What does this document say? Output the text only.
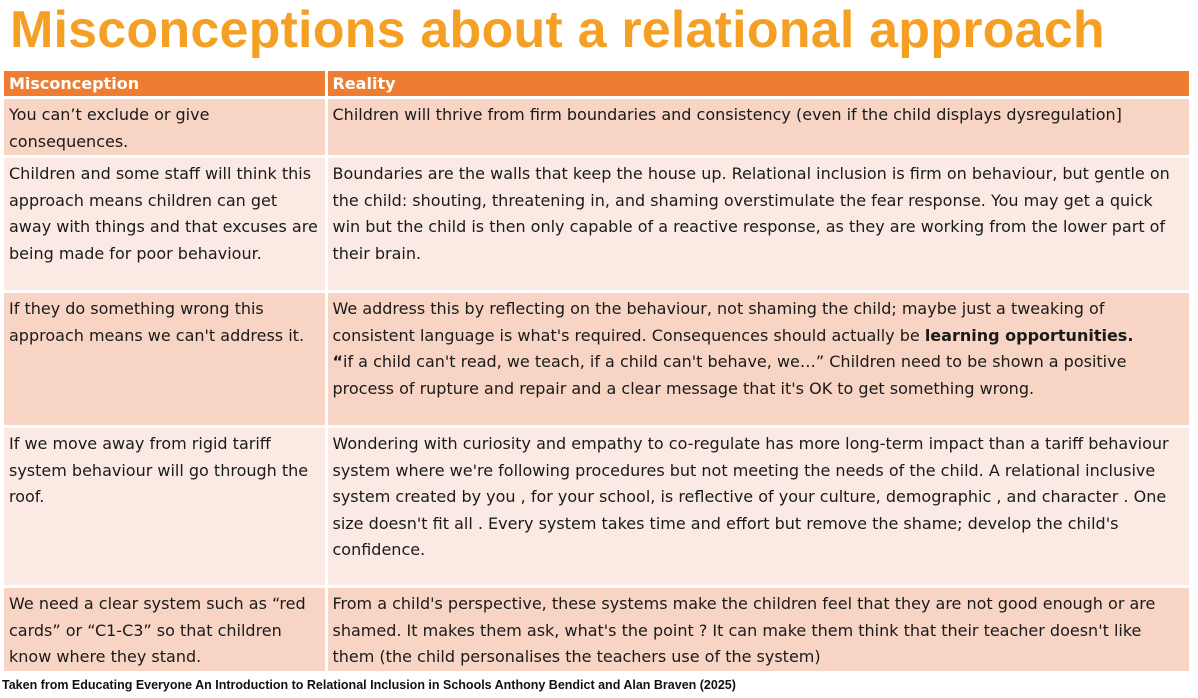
Misconceptions about a relational approach
Misconception	Reality
You can’t exclude or give consequences.	Children will thrive from firm boundaries and consistency (even if the child displays dysregulation]
Children and some staff will think this approach means children can get away with things and that excuses are being made for poor behaviour.	Boundaries are the walls that keep the house up. Relational inclusion is firm on behaviour, but gentle on the child: shouting, threatening in, and shaming overstimulate the fear response. You may get a quick win but the child is then only capable of a reactive response, as they are working from the lower part of their brain.
If they do something wrong this approach means we can't address it.	We address this by reflecting on the behaviour, not shaming the child; maybe just a tweaking of consistent language is what's required. Consequences should actually be learning opportunities.
“if a child can't read, we teach, if a child can't behave, we…” Children need to be shown a positive process of rupture and repair and a clear message that it's OK to get something wrong.
If we move away from rigid tariff system behaviour will go through the roof.	Wondering with curiosity and empathy to co-regulate has more long-term impact than a tariff behaviour system where we're following procedures but not meeting the needs of the child. A relational inclusive system created by you , for your school, is reflective of your culture, demographic , and character . One size doesn't fit all . Every system takes time and effort but remove the shame; develop the child's confidence.
We need a clear system such as “red cards” or “C1-C3” so that children know where they stand.	From a child's perspective, these systems make the children feel that they are not good enough or are shamed. It makes them ask, what's the point ? It can make them think that their teacher doesn't like them (the child personalises the teachers use of the system)
Taken from Educating Everyone An Introduction to Relational Inclusion in Schools Anthony Bendict and Alan Braven (2025)
